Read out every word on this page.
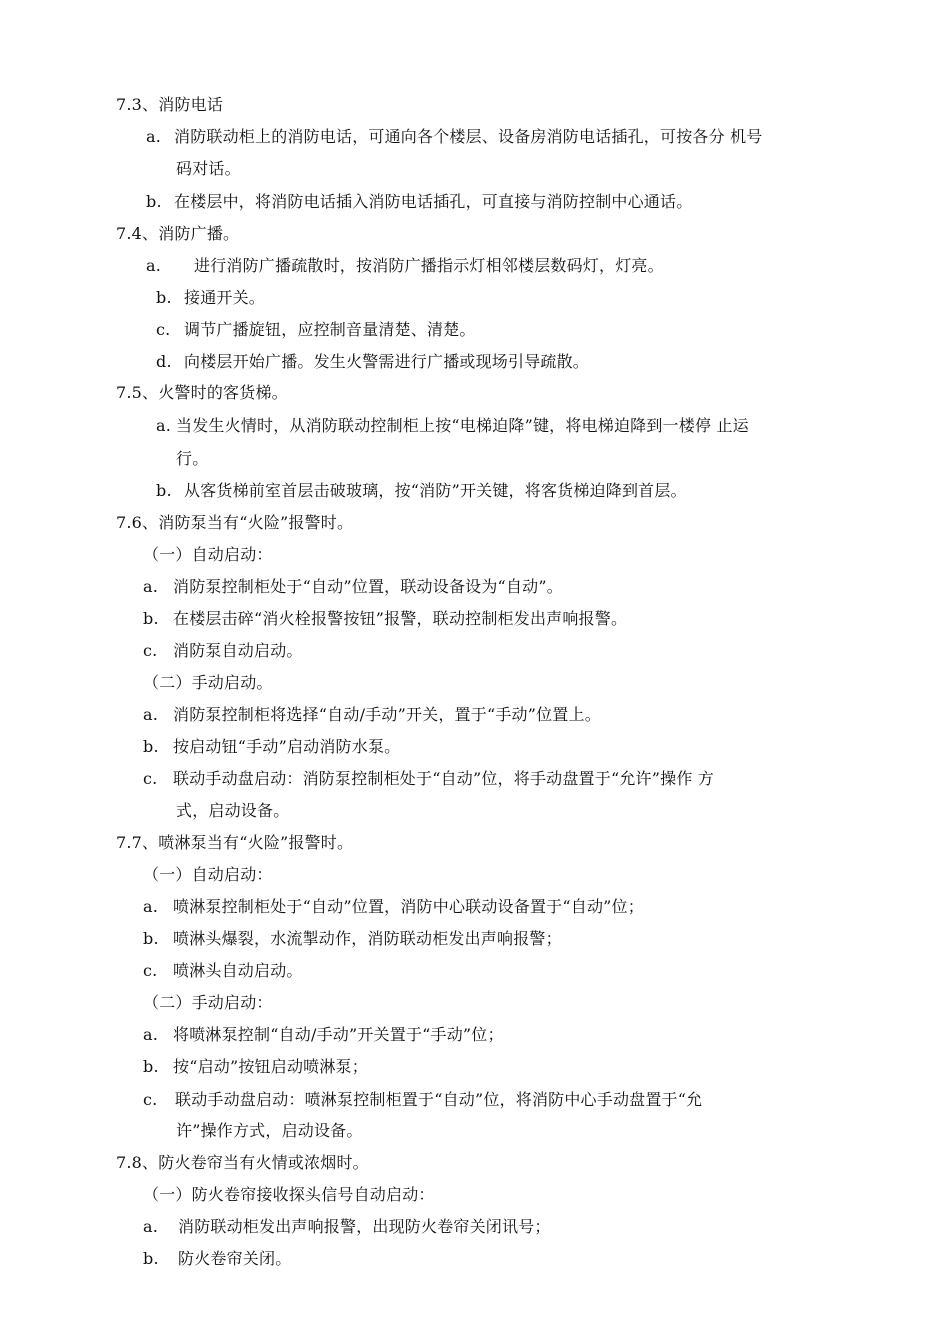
7.3、消防电话
a. 消防联动柜上的消防电话，可通向各个楼层、设备房消防电话插孔，可按各分 机号
码对话。
b. 在楼层中，将消防电话插入消防电话插孔，可直接与消防控制中心通话。
7.4、消防广播。
a. 进行消防广播疏散时，按消防广播指示灯相邻楼层数码灯，灯亮。
b. 接通开关。
c. 调节广播旋钮，应控制音量清楚、清楚。
d. 向楼层开始广播。发生火警需进行广播或现场引导疏散。
7.5、火警时的客货梯。
a. 当发生火情时，从消防联动控制柜上按“电梯迫降”键，将电梯迫降到一楼停 止运
行。
b. 从客货梯前室首层击破玻璃，按“消防”开关键，将客货梯迫降到首层。
7.6、消防泵当有“火险”报警时。
（一）自动启动：
a. 消防泵控制柜处于“自动”位置，联动设备设为“自动”。
b. 在楼层击碎“消火栓报警按钮”报警，联动控制柜发出声响报警。
c. 消防泵自动启动。
（二）手动启动。
a. 消防泵控制柜将选择“自动/手动”开关，置于“手动”位置上。
b. 按启动钮“手动”启动消防水泵。
c. 联动手动盘启动：消防泵控制柜处于“自动”位，将手动盘置于“允许”操作 方
式，启动设备。
7.7、喷淋泵当有“火险”报警时。
（一）自动启动：
a. 喷淋泵控制柜处于“自动”位置，消防中心联动设备置于“自动”位；
b. 喷淋头爆裂，水流掣动作，消防联动柜发出声响报警；
c. 喷淋头自动启动。
（二）手动启动：
a. 将喷淋泵控制“自动/手动”开关置于“手动”位；
b. 按“启动”按钮启动喷淋泵；
c. 联动手动盘启动：喷淋泵控制柜置于“自动”位，将消防中心手动盘置于“允
许”操作方式，启动设备。
7.8、防火卷帘当有火情或浓烟时。
（一）防火卷帘接收探头信号自动启动：
a. 消防联动柜发出声响报警，出现防火卷帘关闭讯号；
b. 防火卷帘关闭。
